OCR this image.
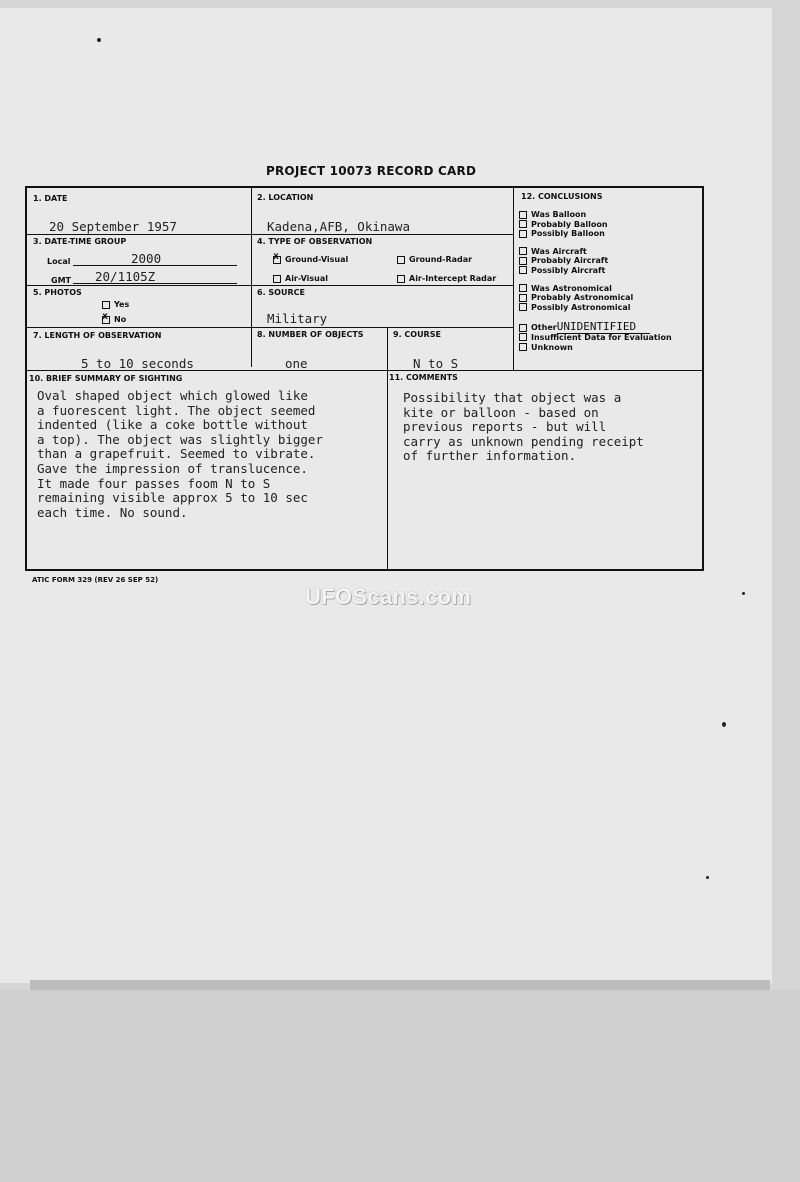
PROJECT 10073 RECORD CARD
1. DATE
20 September 1957
2. LOCATION
Kadena,AFB, Okinawa
3. DATE-TIME GROUP
Local	2000
GMT 20/1105Z
4. TYPE OF OBSERVATION
xGround-Visual	Ground-Radar
Air-Visual	Air-Intercept Radar
5. PHOTOS
Yes
xNo
6. SOURCE
Military
7. LENGTH OF OBSERVATION
5 to 10 seconds
8. NUMBER OF OBJECTS
one
9. COURSE
N to S
10. BRIEF SUMMARY OF SIGHTING
Oval shaped object which glowed like
a fuorescent light. The object seemed
indented (like a coke bottle without
a top). The object was slightly bigger
than a grapefruit. Seemed to vibrate.
Gave the impression of translucence.
It made four passes foom N to S
remaining visible approx 5 to 10 sec
each time. No sound.
11. COMMENTS
Possibility that object was a
kite or balloon - based on
previous reports - but will
carry as unknown pending receipt
of further information.
12. CONCLUSIONS
Was Balloon
Probably Balloon
Possibly Balloon
Was Aircraft
Probably Aircraft
Possibly Aircraft
Was Astronomical
Probably Astronomical
Possibly Astronomical
OtherUNIDENTIFIED
Insufficient Data for Evaluation
Unknown
ATIC FORM 329 (REV 26 SEP 52)
UFOScans.com
